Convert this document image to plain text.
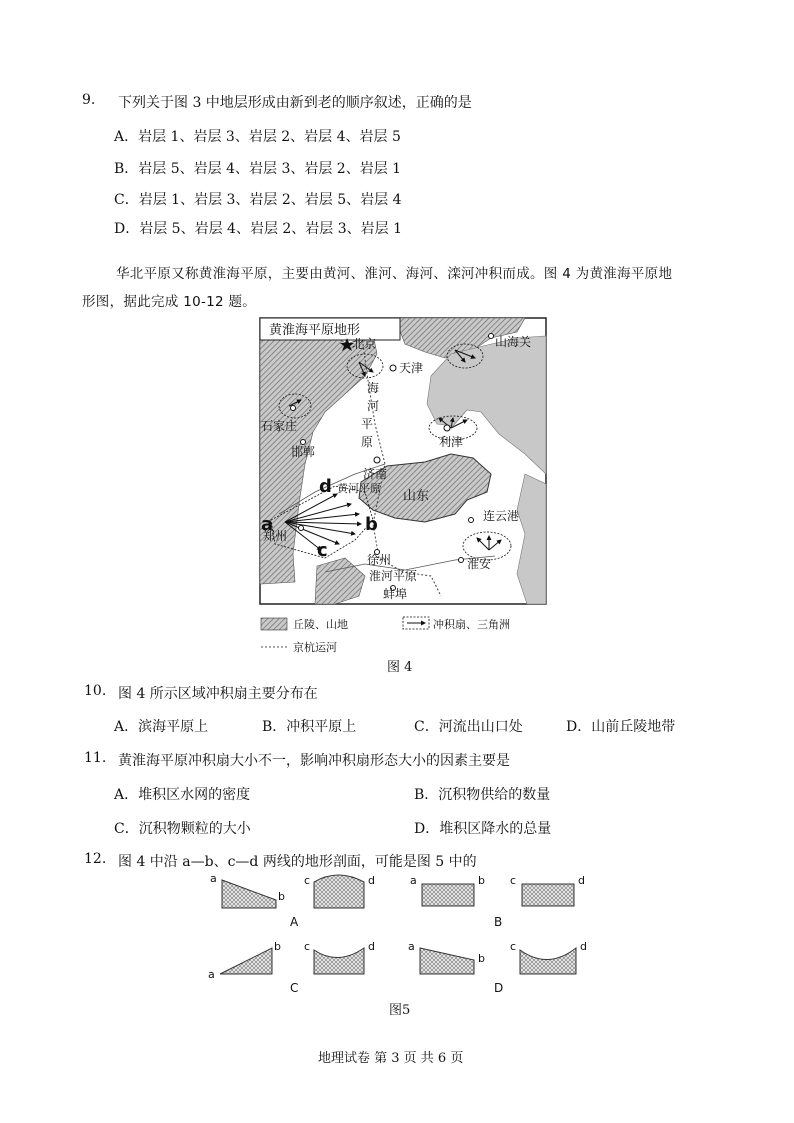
9. 下列关于图 3 中地层形成由新到老的顺序叙述，正确的是
A．岩层 1、岩层 3、岩层 2、岩层 4、岩层 5
B．岩层 5、岩层 4、岩层 3、岩层 2、岩层 1
C．岩层 1、岩层 3、岩层 2、岩层 5、岩层 4
D．岩层 5、岩层 4、岩层 2、岩层 3、岩层 1
华北平原又称黄淮海平原，主要由黄河、淮河、海河、滦河冲积而成。图 4 为黄淮海平原地
形图，据此完成 10-12 题。
黄淮海平原地形
北京
天津
山海关
石家庄
邯郸
济南
利津
山东
海
河
平
原
黄河平原
淮河平原
郑州
徐州
蚌埠
连云港
淮安
a	b
c
d
丘陵、山地	冲积扇、三角洲
京杭运河
图 4
10. 图 4 所示区域冲积扇主要分布在
A．滨海平原上	B．冲积平原上	C．河流出山口处	D．山前丘陵地带
11. 黄淮海平原冲积扇大小不一，影响冲积扇形态大小的因素主要是
A．堆积区水网的密度	B．沉积物供给的数量
C．沉积物颗粒的大小	D．堆积区降水的总量
12. 图 4 中沿 a—b、c—d 两线的地形剖面，可能是图 5 中的
a
b
c	d	a	b c	d
a
b c	d	a
b
c	d
A	B
C	D
图5
地理试卷 第 3 页 共 6 页
